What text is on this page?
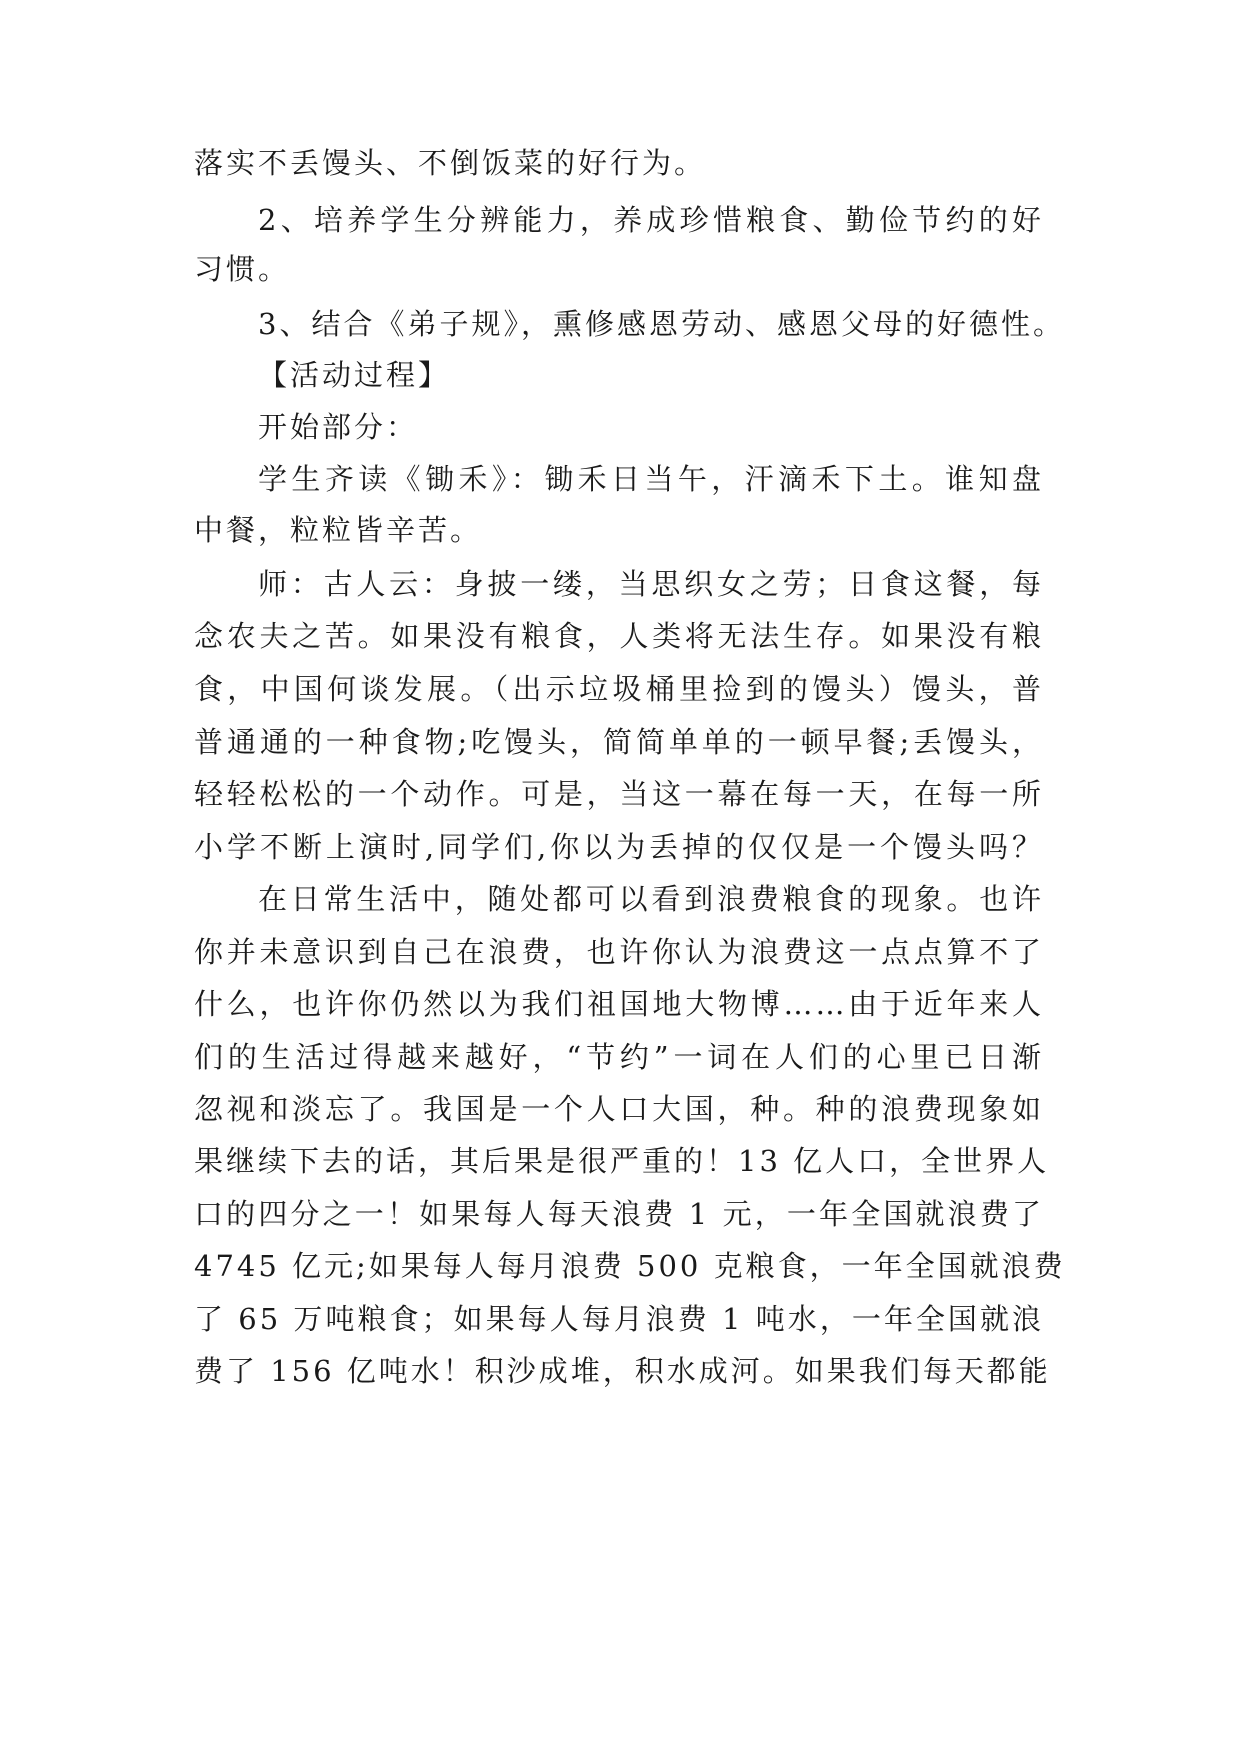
落实不丢馒头、不倒饭菜的好行为。
2、培养学生分辨能力，养成珍惜粮食、勤俭节约的好
习惯。
3、结合《弟子规》，熏修感恩劳动、感恩父母的好德性。
【活动过程】
开始部分：
学生齐读《锄禾》：锄禾日当午，汗滴禾下土。谁知盘
中餐，粒粒皆辛苦。
师：古人云：身披一缕，当思织女之劳；日食这餐，每
念农夫之苦。如果没有粮食，人类将无法生存。如果没有粮
食，中国何谈发展。（出示垃圾桶里捡到的馒头）馒头，普
普通通的一种食物;吃馒头，简简单单的一顿早餐;丢馒头，
轻轻松松的一个动作。可是，当这一幕在每一天，在每一所
小学不断上演时,同学们,你以为丢掉的仅仅是一个馒头吗？
在日常生活中，随处都可以看到浪费粮食的现象。也许
你并未意识到自己在浪费，也许你认为浪费这一点点算不了
什么，也许你仍然以为我们祖国地大物博……由于近年来人
们的生活过得越来越好，“节约”一词在人们的心里已日渐
忽视和淡忘了。我国是一个人口大国，种。种的浪费现象如
果继续下去的话，其后果是很严重的！13 亿人口，全世界人
口的四分之一！如果每人每天浪费 1 元，一年全国就浪费了
4745 亿元;如果每人每月浪费 500 克粮食，一年全国就浪费
了 65 万吨粮食；如果每人每月浪费 1 吨水，一年全国就浪
费了 156 亿吨水！积沙成堆，积水成河。如果我们每天都能
